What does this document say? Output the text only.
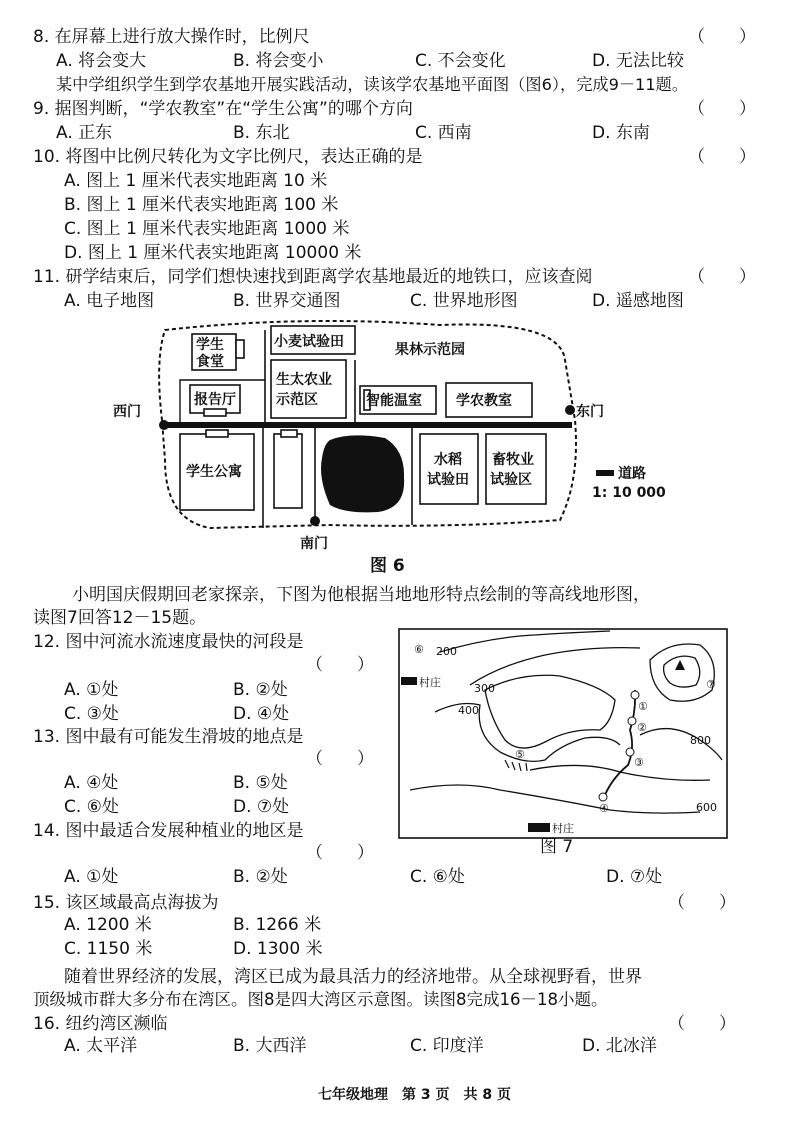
8. 在屏幕上进行放大操作时，比例尺	（　　）
A. 将会变大	B. 将会变小	C. 不会变化	D. 无法比较
某中学组织学生到学农基地开展实践活动，读该学农基地平面图（图6），完成9－11题。
9. 据图判断，“学农教室”在“学生公寓”的哪个方向	（　　）
A. 正东	B. 东北	C. 西南	D. 东南
10. 将图中比例尺转化为文字比例尺，表达正确的是	（　　）
A. 图上 1 厘米代表实地距离 10 米
B. 图上 1 厘米代表实地距离 100 米
C. 图上 1 厘米代表实地距离 1000 米
D. 图上 1 厘米代表实地距离 10000 米
11. 研学结束后，同学们想快速找到距离学农基地最近的地铁口，应该查阅	（　　）
A. 电子地图	B. 世界交通图	C. 世界地形图	D. 遥感地图
学生
食堂
小麦试验田	果林示范园
生太农业
示范区
报告厅	智能温室 学农教室
西门	东门
学生公寓
水稻
试验田
畜牧业
试验区	道路
1: 10 000
南门
图 6
小明国庆假期回老家探亲，下图为他根据当地地形特点绘制的等高线地形图，
读图7回答12－15题。
12. 图中河流水流速度最快的河段是
（　　）
A. ①处	B. ②处
C. ③处	D. ④处
13. 图中最有可能发生滑坡的地点是
（　　）
A. ④处	B. ⑤处
C. ⑥处	D. ⑦处
14. 图中最适合发展种植业的地区是
（　　）
A. ①处	B. ②处	C. ⑥处	D. ⑦处
⑥ 200
村庄	300
400
⑦
①
②
800
⑤
③
④	600
村庄
图 7
15. 该区域最高点海拔为	（　　）
A. 1200 米	B. 1266 米
C. 1150 米	D. 1300 米
随着世界经济的发展，湾区已成为最具活力的经济地带。从全球视野看，世界
顶级城市群大多分布在湾区。图8是四大湾区示意图。读图8完成16－18小题。
16. 纽约湾区濒临	（　　）
A. 太平洋	B. 大西洋	C. 印度洋	D. 北冰洋
七年级地理　第 3 页　共 8 页
